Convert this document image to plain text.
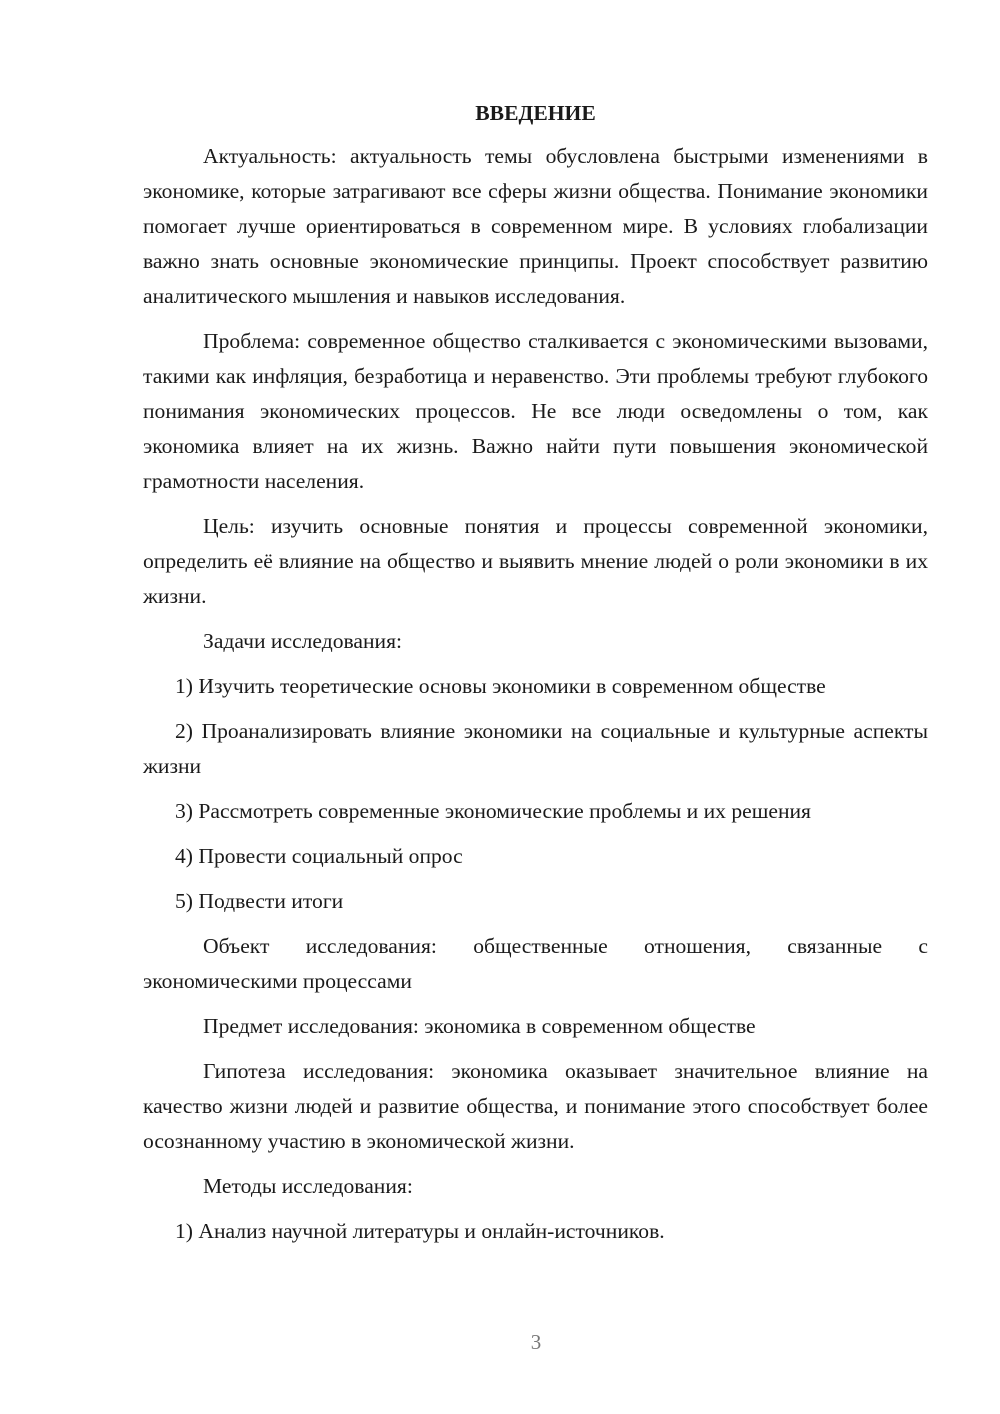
ВВЕДЕНИЕ

Актуальность: актуальность темы обусловлена быстрыми изменениями в экономике, которые затрагивают все сферы жизни общества. Понимание экономики помогает лучше ориентироваться в современном мире. В условиях глобализации важно знать основные экономические принципы. Проект способствует развитию аналитического мышления и навыков исследования.

Проблема: современное общество сталкивается с экономическими вызовами, такими как инфляция, безработица и неравенство. Эти проблемы требуют глубокого понимания экономических процессов. Не все люди осведомлены о том, как экономика влияет на их жизнь. Важно найти пути повышения экономической грамотности населения.

Цель: изучить основные понятия и процессы современной экономики, определить её влияние на общество и выявить мнение людей о роли экономики в их жизни.

Задачи исследования:

1) Изучить теоретические основы экономики в современном обществе

2) Проанализировать влияние экономики на социальные и культурные аспекты жизни

3) Рассмотреть современные экономические проблемы и их решения

4) Провести социальный опрос

5) Подвести итоги

Объект исследования: общественные отношения, связанные с экономическими процессами

Предмет исследования: экономика в современном обществе

Гипотеза исследования: экономика оказывает значительное влияние на качество жизни людей и развитие общества, и понимание этого способствует более осознанному участию в экономической жизни.

Методы исследования:

1) Анализ научной литературы и онлайн-источников.

3
